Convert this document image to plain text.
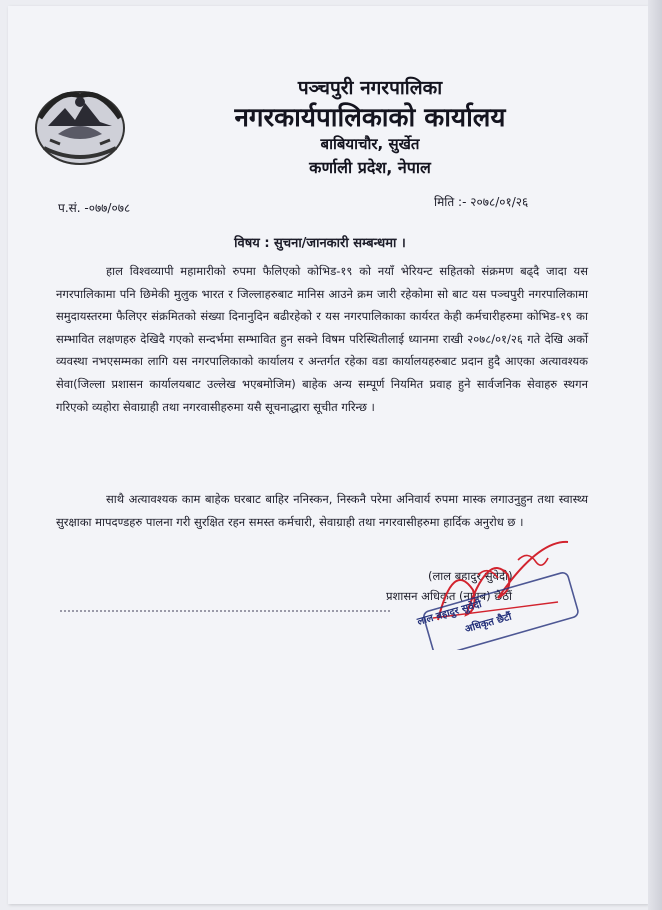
पञ्चपुरी नगरपालिका
नगरकार्यपालिकाको कार्यालय
बाबियाचौर, सुर्खेत
कर्णाली प्रदेश, नेपाल
प.सं. -०७७/०७८	मिति :- २०७८/०१/२६
विषय : सुचना/जानकारी सम्बन्धमा ।
हाल विश्वव्यापी महामारीको रुपमा फैलिएको कोभिड-१९ को नयाँ भेरियन्ट सहितको संक्रमण बढ्दै जादा यस नगरपालिकामा पनि छिमेकी मुलुक भारत र जिल्लाहरुबाट मानिस आउने क्रम जारी रहेकोमा सो बाट यस पञ्चपुरी नगरपालिकामा समुदायस्तरमा फैलिएर संक्रमितको संख्या दिनानुदिन बढीरहेको र यस नगरपालिकाका कार्यरत केही कर्मचारीहरुमा कोभिड-१९ का सम्भावित लक्षणहरु देखिदै गएको सन्दर्भमा सम्भावित हुन सक्ने विषम परिस्थितीलाई ध्यानमा राखी २०७८/०१/२६ गते देखि अर्को व्यवस्था नभएसम्मका लागि यस नगरपालिकाको कार्यालय र अन्तर्गत रहेका वडा कार्यालयहरुबाट प्रदान हुदै आएका अत्यावश्यक सेवा(जिल्ला प्रशासन कार्यालयबाट उल्लेख भएबमोजिम) बाहेक अन्य सम्पूर्ण नियमित प्रवाह हुने सार्वजनिक सेवाहरु स्थगन गरिएको व्यहोरा सेवाग्राही तथा नगरवासीहरुमा यसै सूचनाद्धारा सूचीत गरिन्छ ।
साथै अत्यावश्यक काम बाहेक घरबाट बाहिर ननिस्कन, निस्कनै परेमा अनिवार्य रुपमा मास्क लगाउनुहुन तथा स्वास्थ्य सुरक्षाका मापदण्डहरु पालना गरी सुरक्षित रहन समस्त कर्मचारी, सेवाग्राही तथा नगरवासीहरुमा हार्दिक अनुरोध छ ।
(लाल बहादुर सुवेदी)
प्रशासन अधिकृत (नायब) छैठौं
लाल बहादुर सुवेदी
अधिकृत छैटौं
